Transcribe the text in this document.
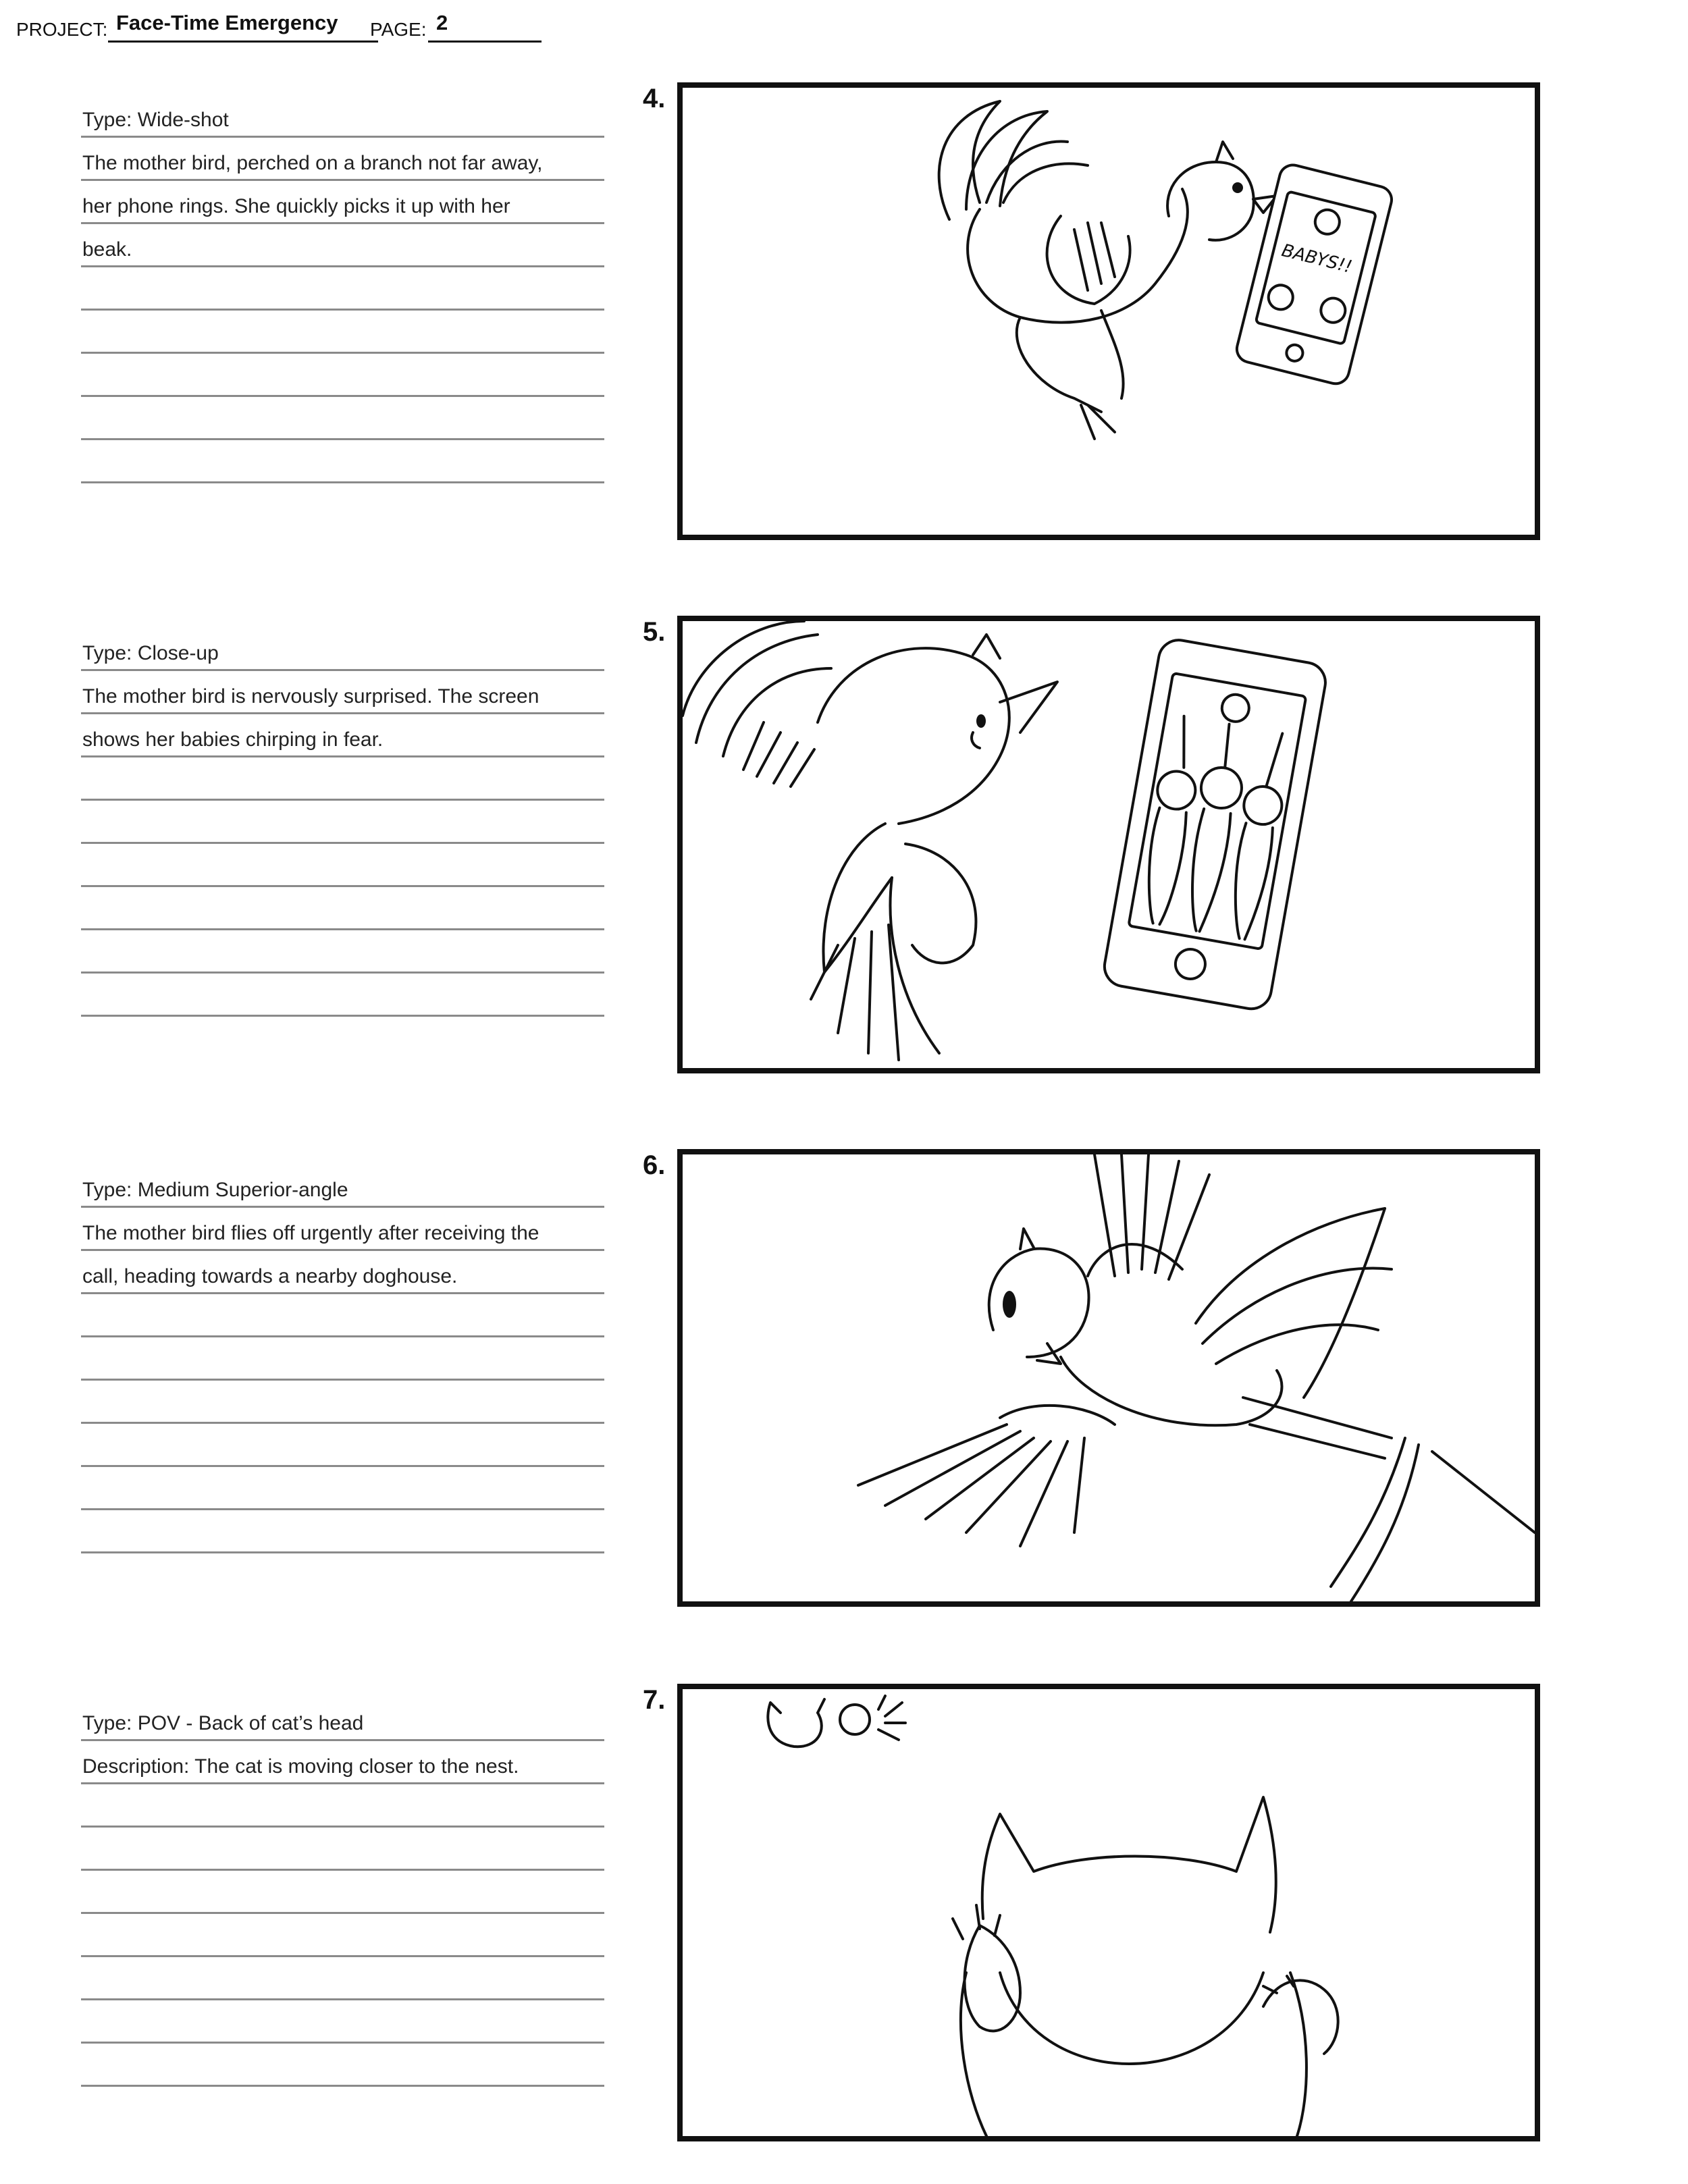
PROJECT: Face-Time Emergency PAGE: 2
Type: Wide-shot
The mother bird, perched on a branch not far away,
her phone rings. She quickly picks it up with her
beak.
4.
BABYS!!
Type: Close-up
The mother bird is nervously surprised. The screen
shows her babies chirping in fear.
5.
Type: Medium Superior-angle
The mother bird flies off urgently after receiving the
call, heading towards a nearby doghouse.
6.
Type: POV - Back of cat’s head
Description: The cat is moving closer to the nest.
7.
